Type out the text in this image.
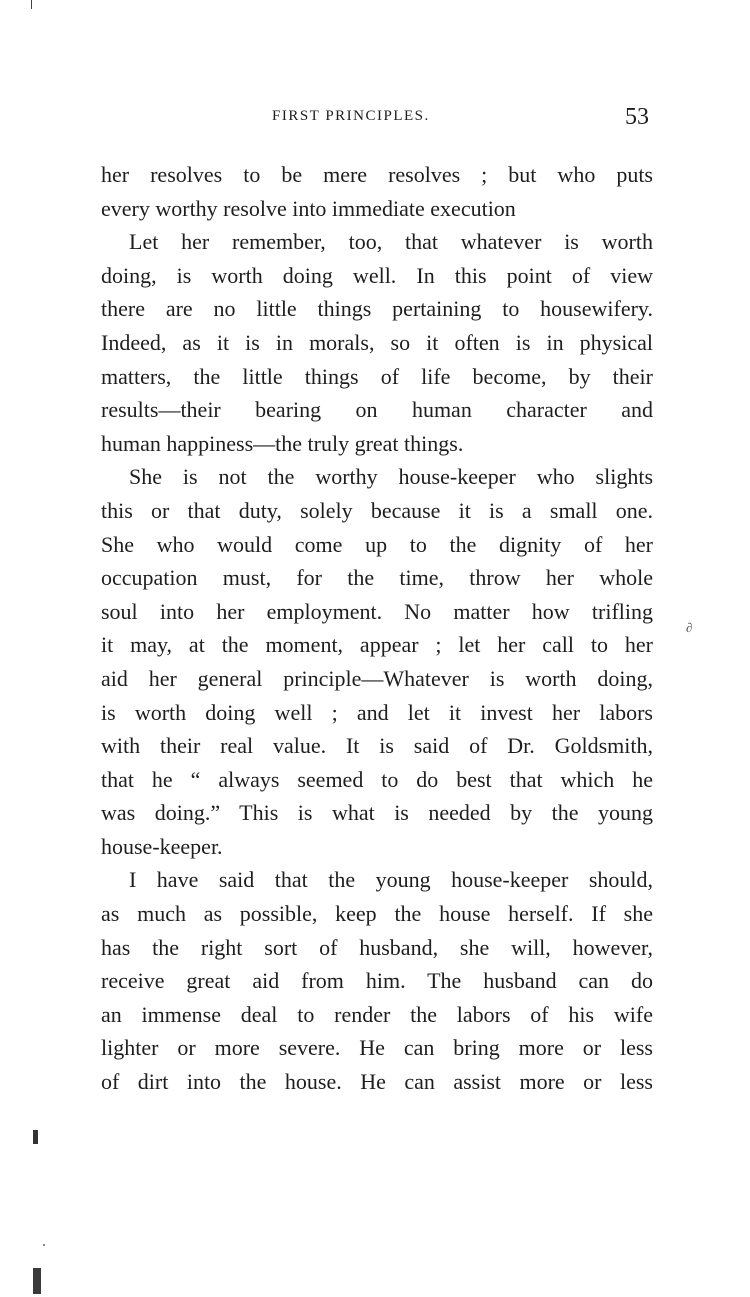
FIRST PRINCIPLES.	53
her resolves to be mere resolves ; but who puts
every worthy resolve into immediate execution
Let her remember, too, that whatever is worth
doing, is worth doing well. In this point of view
there are no little things pertaining to housewifery.
Indeed, as it is in morals, so it often is in physical
matters, the little things of life become, by their
results—their bearing on human character and
human happiness—the truly great things.
She is not the worthy house-keeper who slights
this or that duty, solely because it is a small one.
She who would come up to the dignity of her
occupation must, for the time, throw her whole
soul into her employment. No matter how trifling
it may, at the moment, appear ; let her call to her
aid her general principle—Whatever is worth doing,
is worth doing well ; and let it invest her labors
with their real value. It is said of Dr. Goldsmith,
that he “ always seemed to do best that which he
was doing.” This is what is needed by the young
house-keeper.
I have said that the young house-keeper should,
as much as possible, keep the house herself. If she
has the right sort of husband, she will, however,
receive great aid from him. The husband can do
an immense deal to render the labors of his wife
lighter or more severe. He can bring more or less
of dirt into the house. He can assist more or less
∂
